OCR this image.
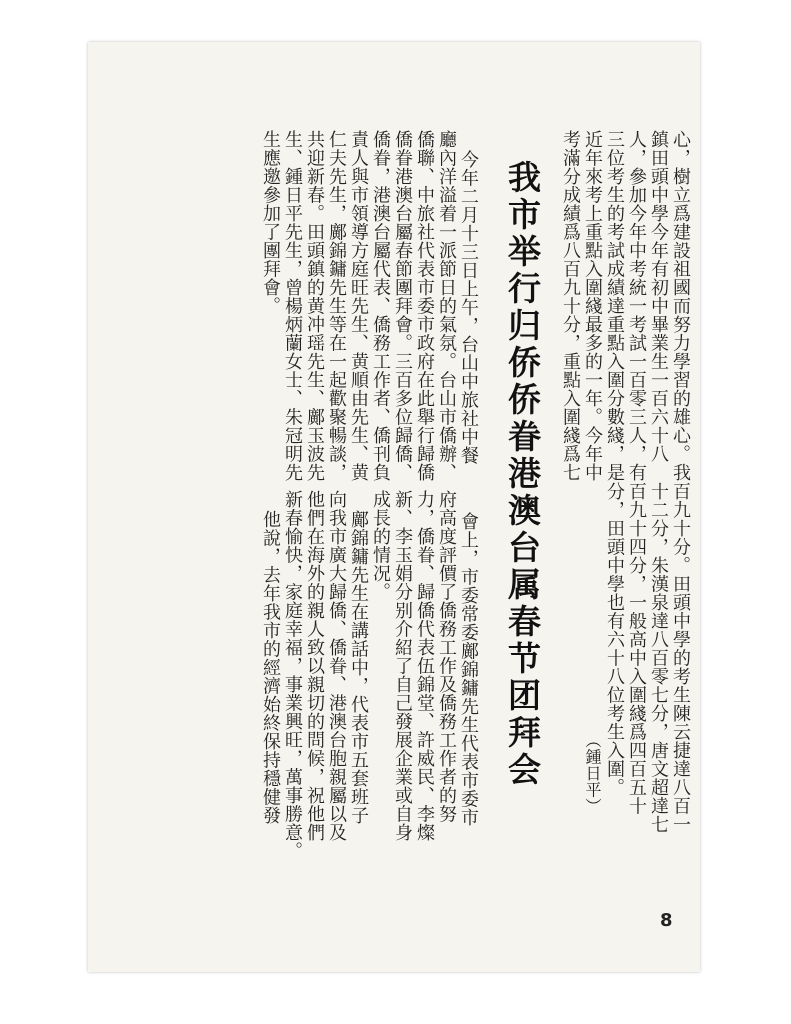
心，樹立爲建設祖國而努力學習的雄心。我
鎮田頭中學今年有初中畢業生一百六十八
人，參加今年中考統一考試一百零三人，有
三位考生的考試成績達重點入圍分數綫，是
近年來考上重點入圍綫最多的一年。今年中
考滿分成績爲八百九十分，重點入圍綫爲七
百九十分。田頭中學的考生陳云捷達八百一
十二分，朱漢泉達八百零七分，唐文超達七
百九十四分，一般高中入圍綫爲四百五十
分，田頭中學也有六十八位考生入圍。
（鍾日平）
我市举行归侨侨眷港澳台属春节团拜会
今年二月十三日上午，台山中旅社中餐
廳內洋溢着一派節日的氣氛。台山市僑辦、
僑聯、中旅社代表市委市政府在此舉行歸僑
僑眷港澳台屬春節團拜會。三百多位歸僑、
僑眷，港澳台屬代表、僑務工作者、僑刊負
責人與市領導方庭旺先生、黄順由先生、黄
仁夫先生，鄺錦鏞先生等在一起歡聚暢談，
共迎新春。田頭鎮的黄冲瑶先生、鄺玉波先
生、鍾日平先生，曾楊炳蘭女士、朱冠明先
生應邀參加了團拜會。
會上，市委常委鄺錦鏞先生代表市委市
府高度評價了僑務工作及僑務工作者的努
力，僑眷、歸僑代表伍錦堂、許威民、李燦
新、李玉娟分别介紹了自己發展企業或自身
成長的情况。
鄺錦鏞先生在講話中，代表市五套班子
向我市廣大歸僑、僑眷、港澳台胞親屬以及
他們在海外的親人致以親切的問候，祝他們
新春愉快，家庭幸福，事業興旺，萬事勝意。
他說，去年我市的經濟始終保持穩健發
8
